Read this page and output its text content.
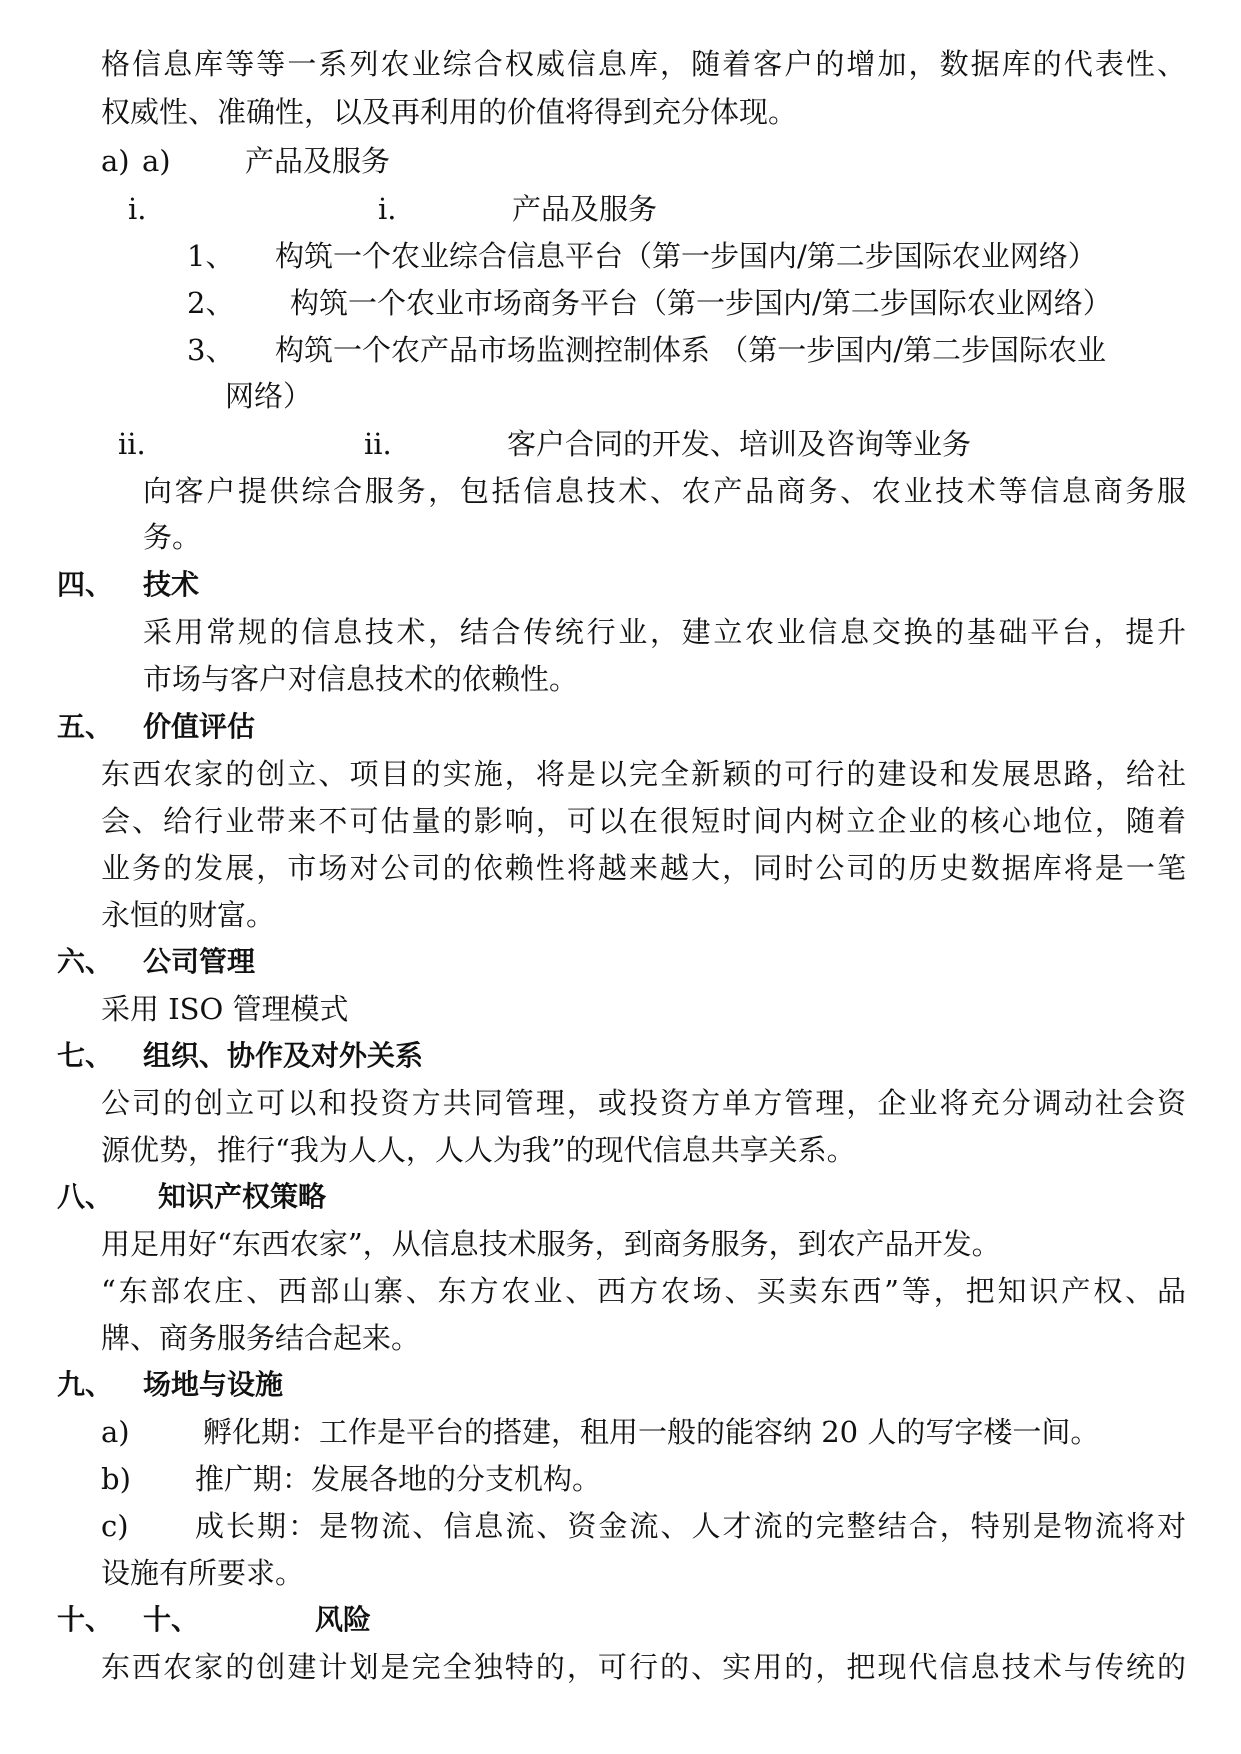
格信息库等等一系列农业综合权威信息库，随着客户的增加，数据库的代表性、
权威性、准确性，以及再利用的价值将得到充分体现。
a) a)	产品及服务
i.	i.	产品及服务
1、 构筑一个农业综合信息平台（第一步国内/第二步国际农业网络）
2、 构筑一个农业市场商务平台（第一步国内/第二步国际农业网络）
3、 构筑一个农产品市场监测控制体系 （第一步国内/第二步国际农业
网络）
ii.	ii.	客户合同的开发、培训及咨询等业务
向客户提供综合服务，包括信息技术、农产品商务、农业技术等信息商务服
务。
四、 技术
采用常规的信息技术，结合传统行业，建立农业信息交换的基础平台，提升
市场与客户对信息技术的依赖性。
五、 价值评估
东西农家的创立、项目的实施，将是以完全新颖的可行的建设和发展思路，给社
会、给行业带来不可估量的影响，可以在很短时间内树立企业的核心地位，随着
业务的发展，市场对公司的依赖性将越来越大，同时公司的历史数据库将是一笔
永恒的财富。
六、 公司管理
采用 ISO 管理模式
七、 组织、协作及对外关系
公司的创立可以和投资方共同管理，或投资方单方管理，企业将充分调动社会资
源优势，推行“我为人人，人人为我”的现代信息共享关系。
八、 知识产权策略
用足用好“东西农家”，从信息技术服务，到商务服务，到农产品开发。
“东部农庄、西部山寨、东方农业、西方农场、买卖东西”等，把知识产权、品
牌、商务服务结合起来。
九、 场地与设施
a)	孵化期：工作是平台的搭建，租用一般的能容纳 20 人的写字楼一间。
b) 推广期：发展各地的分支机构。
c) 成长期：是物流、信息流、资金流、人才流的完整结合，特别是物流将对
设施有所要求。
十、 十、	风险
东西农家的创建计划是完全独特的，可行的、实用的，把现代信息技术与传统的
